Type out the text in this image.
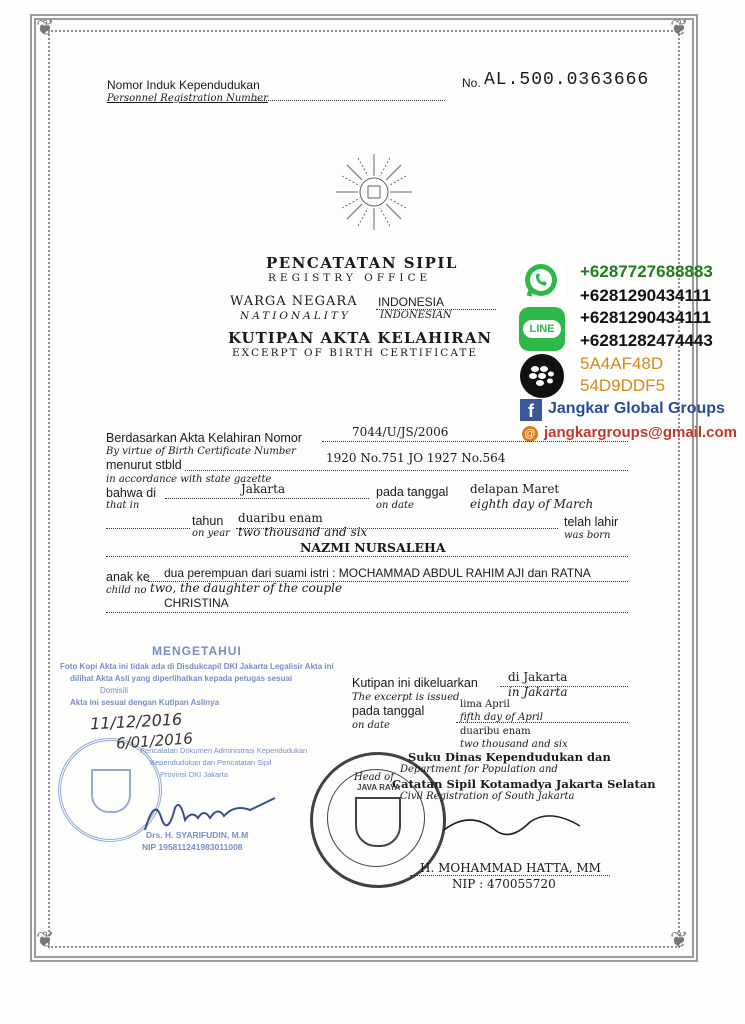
❦	❦
❦	❦
Nomor Induk Kependudukan
Personnel Registration Number
No. AL.500.0363666
PENCATATAN SIPIL
REGISTRY OFFICE
WARGA NEGARA INDONESIA
NATIONALITY	INDONESIAN
KUTIPAN AKTA KELAHIRAN
EXCERPT OF BIRTH CERTIFICATE
LINE
+6287727688883
+6281290434111
+6281290434111
+6281282474443
5A4AF48D
54D9DDF5
f Jangkar Global Groups
@ jangkargroups@gmail.com
Berdasarkan Akta Kelahiran Nomor
By virtue of Birth Certificate Number
7044/U/JS/2006
menurut stbld
in accordance with state gazette
1920 No.751 JO 1927 No.564
bahwa di
that in
Jakarta	pada tanggal
on date
delapan Maret
eighth day of March
tahun
on year
duaribu enam
two thousand and six
telah lahir
was born
NAZMI NURSALEHA
anak ke
child no
dua perempuan dari suami istri : MOCHAMMAD ABDUL RAHIM AJI dan RATNA
two, the daughter of the couple
CHRISTINA
MENGETAHUI
Foto Kopi Akta ini tidak ada di Disdukcapil DKI Jakarta Legalisir Akta ini
dilihat Akta Asli yang diperlihatkan kepada petugas sesuai
Domisili
Akta ini sesuai dengan Kutipan Aslinya
Pencatatan Dokumen Administrasi Kependudukan
Kependudukan dan Pencatatan Sipil
Provinsi DKI Jakarta
Drs. H. SYARIFUDIN, M.M
NIP 195811241983011008
11/12/2016
6/01/2016
Kutipan ini dikeluarkan
The excerpt is issued
di Jakarta
in Jakarta
pada tanggal
on date
lima April
fifth day of April
duaribu enam
two thousand and six
Suku Dinas Kependudukan dan
Department for Population and
Head of
Catatan Sipil Kotamadya Jakarta Selatan
Civil Registration of South Jakarta
JAVA RAYA
H. MOHAMMAD HATTA, MM
NIP : 470055720
